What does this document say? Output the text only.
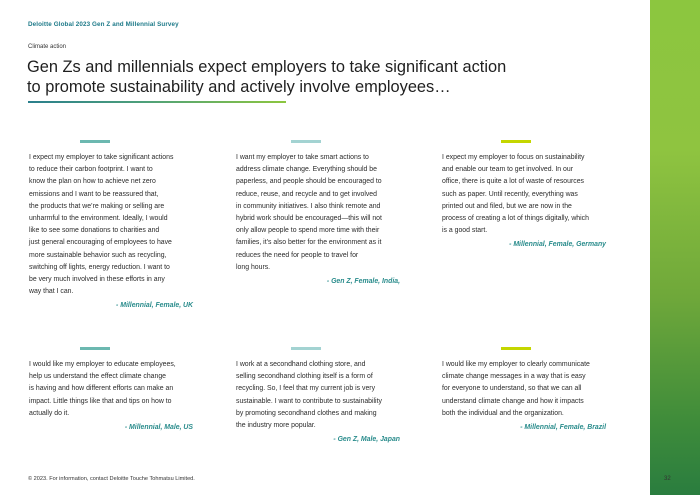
Deloitte Global 2023 Gen Z and Millennial Survey
Climate action
Gen Zs and millennials expect employers to take significant action
to promote sustainability and actively involve employees…
I expect my employer to take significant actions
to reduce their carbon footprint. I want to
know the plan on how to achieve net zero
emissions and I want to be reassured that,
the products that we’re making or selling are
unharmful to the environment. Ideally, I would
like to see some donations to charities and
just general encouraging of employees to have
more sustainable behavior such as recycling,
switching off lights, energy reduction. I want to
be very much involved in these efforts in any
way that I can.
- Millennial, Female, UK
I want my employer to take smart actions to
address climate change. Everything should be
paperless, and people should be encouraged to
reduce, reuse, and recycle and to get involved
in community initiatives. I also think remote and
hybrid work should be encouraged—this will not
only allow people to spend more time with their
families, it’s also better for the environment as it
reduces the need for people to travel for
long hours.
- Gen Z, Female, India,
I expect my employer to focus on sustainability
and enable our team to get involved. In our
office, there is quite a lot of waste of resources
such as paper. Until recently, everything was
printed out and filed, but we are now in the
process of creating a lot of things digitally, which
is a good start.
- Millennial, Female, Germany
I would like my employer to educate employees,
help us understand the effect climate change
is having and how different efforts can make an
impact. Little things like that and tips on how to
actually do it.
- Millennial, Male, US
I work at a secondhand clothing store, and
selling secondhand clothing itself is a form of
recycling. So, I feel that my current job is very
sustainable. I want to contribute to sustainability
by promoting secondhand clothes and making
the industry more popular.
- Gen Z, Male, Japan
I would like my employer to clearly communicate
climate change messages in a way that is easy
for everyone to understand, so that we can all
understand climate change and how it impacts
both the individual and the organization.
- Millennial, Female, Brazil
© 2023. For information, contact Deloitte Touche Tohmatsu Limited.	32
